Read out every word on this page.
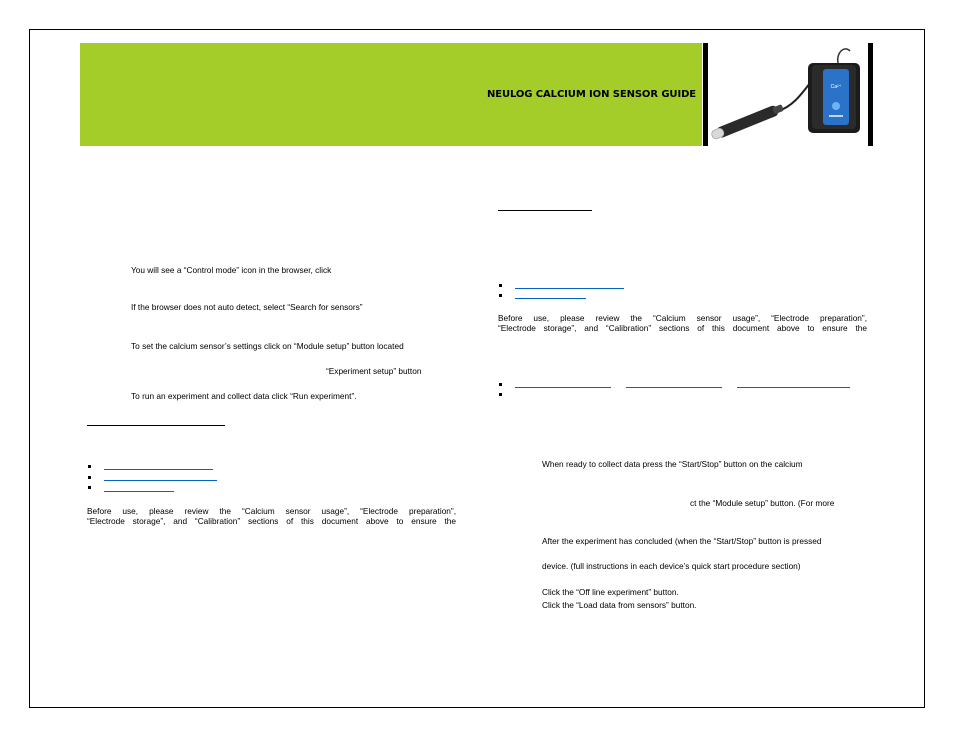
NEULOG CALCIUM ION SENSOR GUIDE
Ca²⁺
You will see a “Control mode” icon in the browser, click
If the browser does not auto detect, select “Search for sensors”
To set the calcium sensor’s settings click on “Module setup” button located
“Experiment setup” button
To run an experiment and collect data click “Run experiment”.
Before use, please review the “Calcium sensor usage”, “Electrode preparation”,
“Electrode storage”, and “Calibration” sections of this document above to ensure the
Before use, please review the “Calcium sensor usage”, “Electrode preparation”,
“Electrode storage”, and “Calibration” sections of this document above to ensure the
When ready to collect data press the “Start/Stop” button on the calcium
ct the “Module setup” button. (For more
After the experiment has concluded (when the “Start/Stop” button is pressed
device. (full instructions in each device’s quick start procedure section)
Click the “Off line experiment” button.
Click the “Load data from sensors” button.
